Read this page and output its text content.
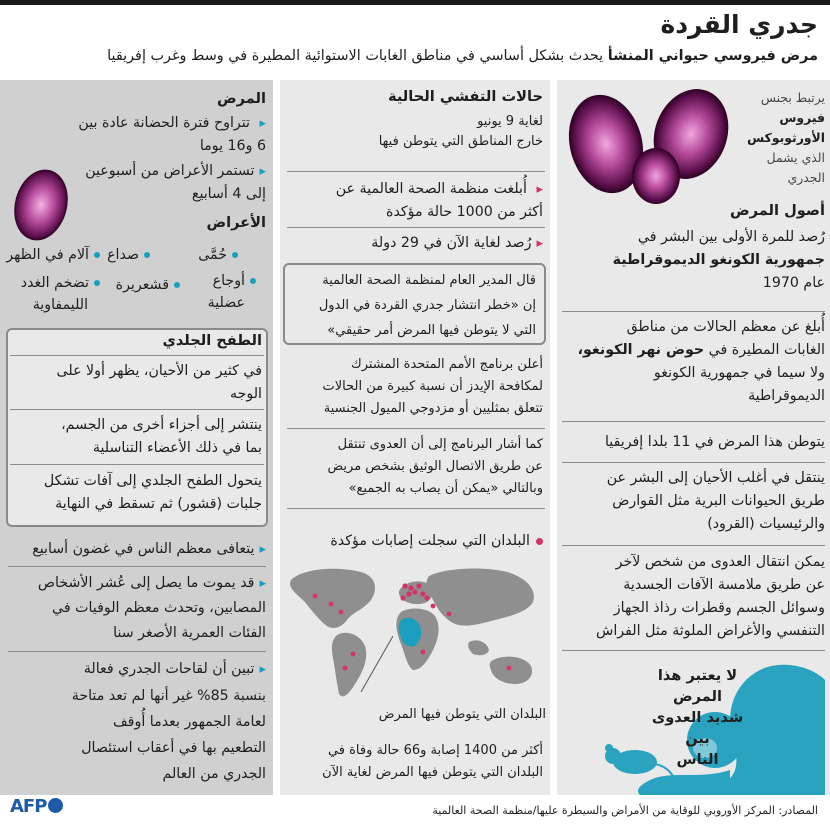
جدري القردة
مرض فيروسي حيواني المنشأ يحدث بشكل أساسي في مناطق الغابات الاستوائية المطيرة في وسط وغرب إفريقيا
يرتبط بجنس
فيروس
الأورثوبوكس
الذي يشمل
الجدري
أصول المرض
رُصد للمرة الأولى بين البشر في
جمهورية الكونغو الديموقراطية
عام 1970
أُبلغ عن معظم الحالات من مناطق
الغابات المطيرة في حوض نهر الكونغو،
ولا سيما في جمهورية الكونغو
الديموقراطية
يتوطن هذا المرض في 11 بلدا إفريقيا
ينتقل في أغلب الأحيان إلى البشر عن
طريق الحيوانات البرية مثل القوارض
والرئيسيات (القرود)
يمكن انتقال العدوى من شخص لآخر
عن طريق ملامسة الآفات الجسدية
وسوائل الجسم وقطرات رذاذ الجهاز
التنفسي والأغراض الملوثة مثل الفراش
لا يعتبر هذا المرض
شديد العدوى بين
الناس
حالات التفشي الحالية
لغاية 9 يونيو
خارج المناطق التي يتوطن فيها
▸ أُبلغت منظمة الصحة العالمية عن
أكثر من 1000 حالة مؤكدة
▸ رُصد لغاية الآن في 29 دولة
قال المدير العام لمنظمة الصحة العالمية
إن «خطر انتشار جدري القردة في الدول
التي لا يتوطن فيها المرض أمر حقيقي»
أعلن برنامج الأمم المتحدة المشترك
لمكافحة الإيدز أن نسبة كبيرة من الحالات
تتعلق بمثليين أو مزدوجي الميول الجنسية
كما أشار البرنامج إلى أن العدوى تنتقل
عن طريق الاتصال الوثيق بشخص مريض
وبالتالي «يمكن أن يصاب به الجميع»
البلدان التي سجلت إصابات مؤكدة
البلدان التي يتوطن فيها المرض
أكثر من 1400 إصابة و66 حالة وفاة في
البلدان التي يتوطن فيها المرض لغاية الآن
المرض
▸ تتراوح فترة الحضانة عادة بين
6 و16 يوما
▸ تستمر الأعراض من أسبوعين
إلى 4 أسابيع
الأعراض
حُمَّى
صداع
آلام في الظهر
أوجاع
عضلية
قشعريرة
تضخم الغدد
الليمفاوية
الطفح الجلدي
في كثير من الأحيان، يظهر أولا على
الوجه
ينتشر إلى أجزاء أخرى من الجسم،
بما في ذلك الأعضاء التناسلية
يتحول الطفح الجلدي إلى آفات تشكل
جلبات (قشور) ثم تسقط في النهاية
▸ يتعافى معظم الناس في غضون أسابيع
▸ قد يموت ما يصل إلى عُشر الأشخاص
المصابين، وتحدث معظم الوفيات في
الفئات العمرية الأصغر سنا
▸ تبين أن لقاحات الجدري فعالة
بنسبة 85% غير أنها لم تعد متاحة
لعامة الجمهور بعدما أُوقف
التطعيم بها في أعقاب استئصال
الجدري من العالم
المصادر: المركز الأوروبي للوقاية من الأمراض والسيطرة عليها/منظمة الصحة العالمية
AFP
